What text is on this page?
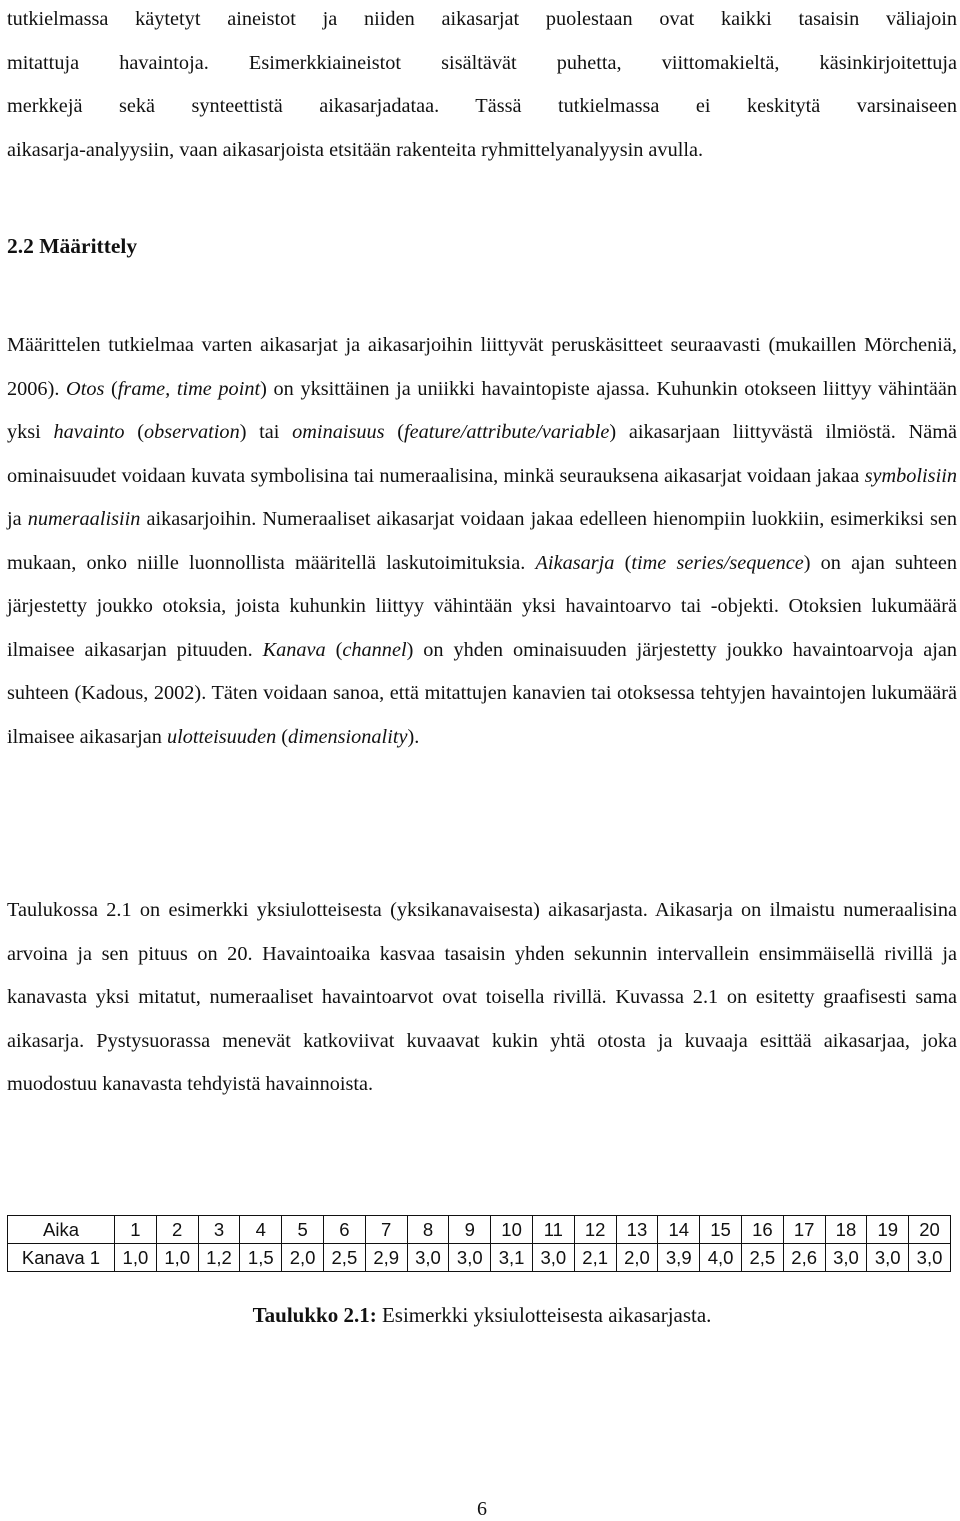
tutkielmassa käytetyt aineistot ja niiden aikasarjat puolestaan ovat kaikki tasaisin väliajoin
mitattuja havaintoja. Esimerkkiaineistot sisältävät puhetta, viittomakieltä, käsinkirjoitettuja
merkkejä sekä synteettistä aikasarjadataa. Tässä tutkielmassa ei keskitytä varsinaiseen
aikasarja-analyysiin, vaan aikasarjoista etsitään rakenteita ryhmittelyanalyysin avulla.
2.2 Määrittely

Määrittelen tutkielmaa varten aikasarjat ja aikasarjoihin liittyvät peruskäsitteet seuraavasti (mukaillen Mörcheniä, 2006). Otos (frame, time point) on yksittäinen ja uniikki havaintopiste ajassa. Kuhunkin otokseen liittyy vähintään yksi havainto (observation) tai ominaisuus (feature/attribute/variable) aikasarjaan liittyvästä ilmiöstä. Nämä ominaisuudet voidaan kuvata symbolisina tai numeraalisina, minkä seurauksena aikasarjat voidaan jakaa symbolisiin ja numeraalisiin aikasarjoihin. Numeraaliset aikasarjat voidaan jakaa edelleen hienompiin luokkiin, esimerkiksi sen mukaan, onko niille luonnollista määritellä laskutoimituksia. Aikasarja (time series/sequence) on ajan suhteen järjestetty joukko otoksia, joista kuhunkin liittyy vähintään yksi havaintoarvo tai -objekti. Otoksien lukumäärä ilmaisee aikasarjan pituuden. Kanava (channel) on yhden ominaisuuden järjestetty joukko havaintoarvoja ajan suhteen (Kadous, 2002). Täten voidaan sanoa, että mitattujen kanavien tai otoksessa tehtyjen havaintojen lukumäärä ilmaisee aikasarjan ulotteisuuden (dimensionality).

Taulukossa 2.1 on esimerkki yksiulotteisesta (yksikanavaisesta) aikasarjasta. Aikasarja on ilmaistu numeraalisina arvoina ja sen pituus on 20. Havaintoaika kasvaa tasaisin yhden sekunnin intervallein ensimmäisellä rivillä ja kanavasta yksi mitatut, numeraaliset havaintoarvot ovat toisella rivillä. Kuvassa 2.1 on esitetty graafisesti sama aikasarja. Pystysuorassa menevät katkoviivat kuvaavat kukin yhtä otosta ja kuvaaja esittää aikasarjaa, joka muodostuu kanavasta tehdyistä havainnoista.

Aika	1	2	3	4	5	6	7	8	9	10	11	12	13	14	15	16	17	18	19	20
Kanava 1	1,0	1,0	1,2	1,5	2,0	2,5	2,9	3,0	3,0	3,1	3,0	2,1	2,0	3,9	4,0	2,5	2,6	3,0	3,0	3,0
Taulukko 2.1: Esimerkki yksiulotteisesta aikasarjasta.
6
